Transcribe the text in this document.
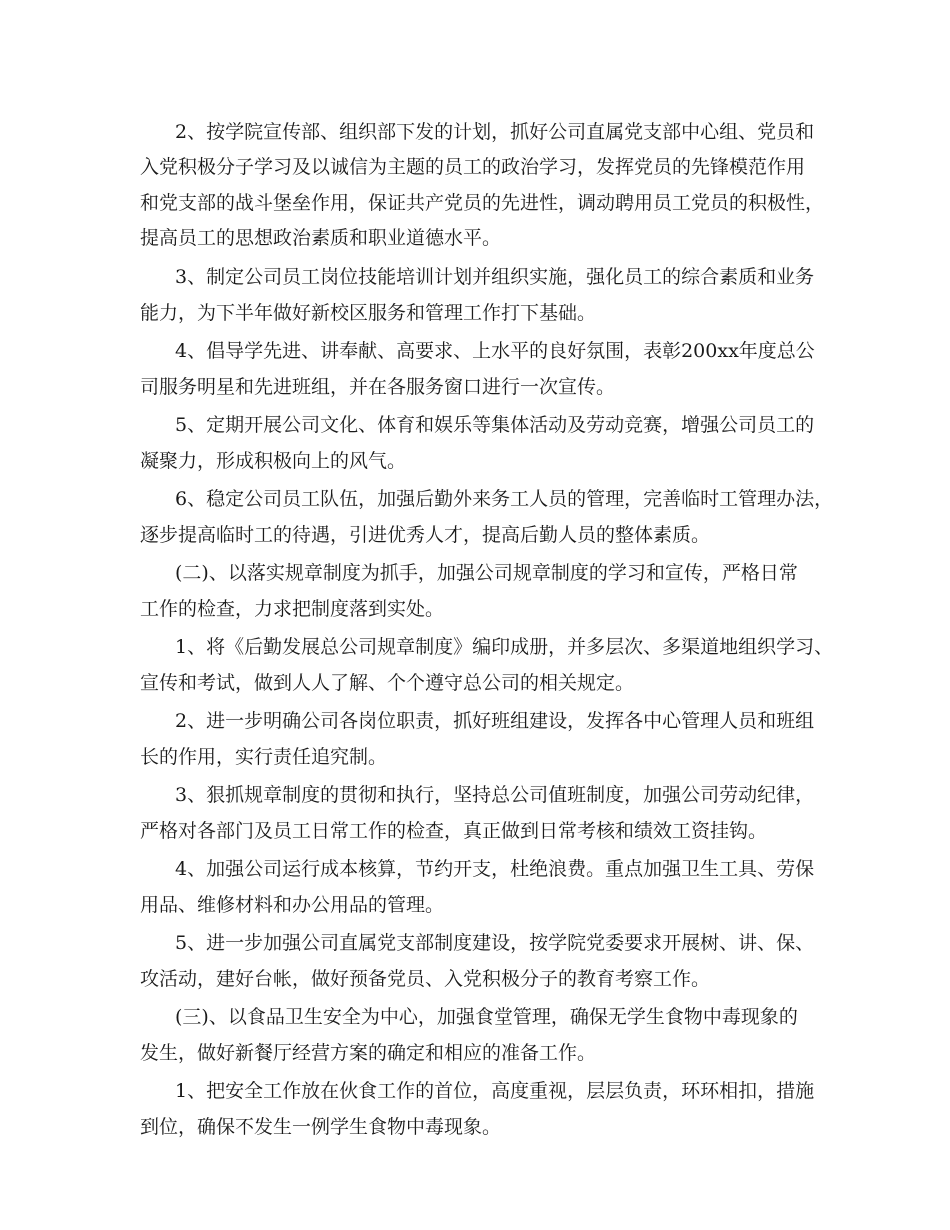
2、按学院宣传部、组织部下发的计划，抓好公司直属党支部中心组、党员和
入党积极分子学习及以诚信为主题的员工的政治学习，发挥党员的先锋模范作用
和党支部的战斗堡垒作用，保证共产党员的先进性，调动聘用员工党员的积极性，
提高员工的思想政治素质和职业道德水平。
3、制定公司员工岗位技能培训计划并组织实施，强化员工的综合素质和业务
能力，为下半年做好新校区服务和管理工作打下基础。
4、倡导学先进、讲奉献、高要求、上水平的良好氛围，表彰200xx年度总公
司服务明星和先进班组，并在各服务窗口进行一次宣传。
5、定期开展公司文化、体育和娱乐等集体活动及劳动竞赛，增强公司员工的
凝聚力，形成积极向上的风气。
6、稳定公司员工队伍，加强后勤外来务工人员的管理，完善临时工管理办法，
逐步提高临时工的待遇，引进优秀人才，提高后勤人员的整体素质。
(二)、以落实规章制度为抓手，加强公司规章制度的学习和宣传，严格日常
工作的检查，力求把制度落到实处。
1、将《后勤发展总公司规章制度》编印成册，并多层次、多渠道地组织学习、
宣传和考试，做到人人了解、个个遵守总公司的相关规定。
2、进一步明确公司各岗位职责，抓好班组建设，发挥各中心管理人员和班组
长的作用，实行责任追究制。
3、狠抓规章制度的贯彻和执行，坚持总公司值班制度，加强公司劳动纪律，
严格对各部门及员工日常工作的检查，真正做到日常考核和绩效工资挂钩。
4、加强公司运行成本核算，节约开支，杜绝浪费。重点加强卫生工具、劳保
用品、维修材料和办公用品的管理。
5、进一步加强公司直属党支部制度建设，按学院党委要求开展树、讲、保、
攻活动，建好台帐，做好预备党员、入党积极分子的教育考察工作。
(三)、以食品卫生安全为中心，加强食堂管理，确保无学生食物中毒现象的
发生，做好新餐厅经营方案的确定和相应的准备工作。
1、把安全工作放在伙食工作的首位，高度重视，层层负责，环环相扣，措施
到位，确保不发生一例学生食物中毒现象。
